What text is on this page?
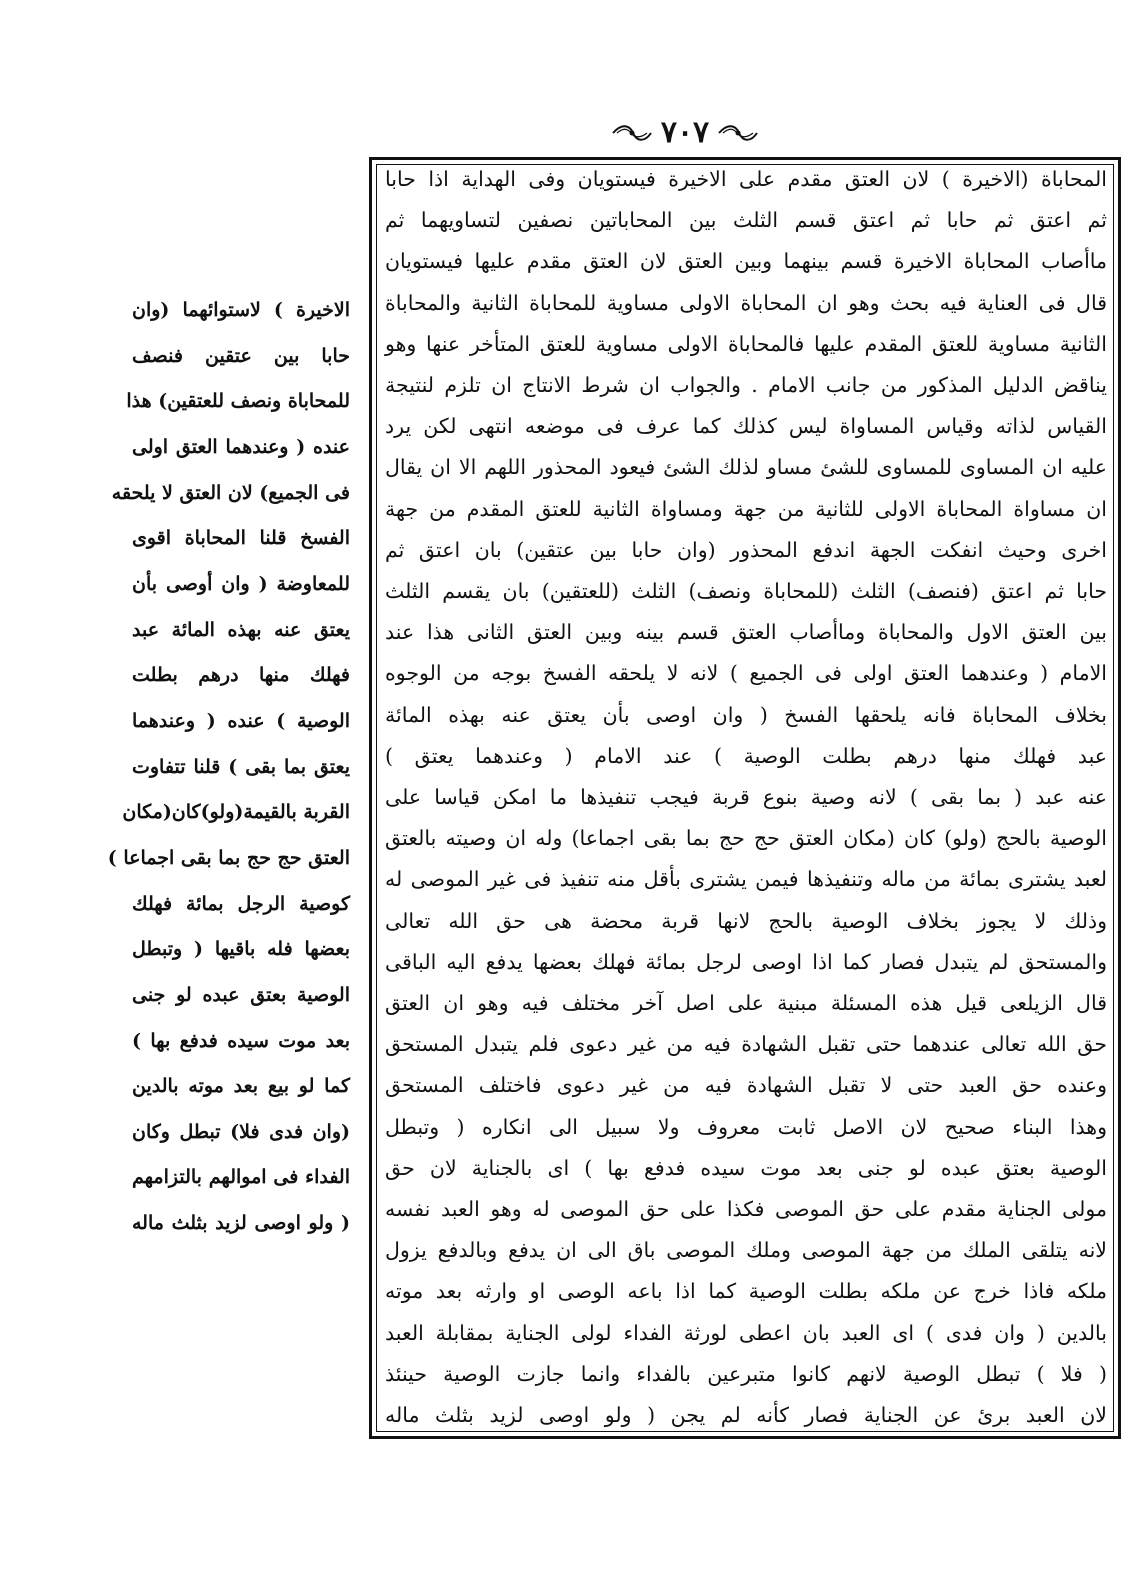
٧٠٧
المحاباة (الاخيرة ) لان العتق مقدم على الاخيرة فيستويان وفى الهداية اذا حابا
ثم اعتق ثم حابا ثم اعتق قسم الثلث بين المحاباتين نصفين لتساويهما ثم
ماأصاب المحاباة الاخيرة قسم بينهما وبين العتق لان العتق مقدم عليها فيستويان
قال فى العناية فيه بحث وهو ان المحاباة الاولى مساوية للمحاباة الثانية والمحاباة
الثانية مساوية للعتق المقدم عليها فالمحاباة الاولى مساوية للعتق المتأخر عنها وهو
يناقض الدليل المذكور من جانب الامام . والجواب ان شرط الانتاج ان تلزم لنتيجة
القياس لذاته وقياس المساواة ليس كذلك كما عرف فى موضعه انتهى لكن يرد
عليه ان المساوى للمساوى للشئ مساو لذلك الشئ فيعود المحذور اللهم الا ان يقال
ان مساواة المحاباة الاولى للثانية من جهة ومساواة الثانية للعتق المقدم من جهة
اخرى وحيث انفكت الجهة اندفع المحذور (وان حابا بين عتقين) بان اعتق ثم
حابا ثم اعتق (فنصف) الثلث (للمحاباة ونصف) الثلث (للعتقين) بان يقسم الثلث
بين العتق الاول والمحاباة وماأصاب العتق قسم بينه وبين العتق الثانى هذا عند
الامام ( وعندهما العتق اولى فى الجميع ) لانه لا يلحقه الفسخ بوجه من الوجوه
بخلاف المحاباة فانه يلحقها الفسخ ( وان اوصى بأن يعتق عنه بهذه المائة
عبد فهلك منها درهم بطلت الوصية ) عند الامام ( وعندهما يعتق )
عنه عبد ( بما بقى ) لانه وصية بنوع قربة فيجب تنفيذها ما امكن قياسا على
الوصية بالحج (ولو) كان (مكان العتق حج حج بما بقى اجماعا) وله ان وصيته بالعتق
لعبد يشترى بمائة من ماله وتنفيذها فيمن يشترى بأقل منه تنفيذ فى غير الموصى له
وذلك لا يجوز بخلاف الوصية بالحج لانها قربة محضة هى حق الله تعالى
والمستحق لم يتبدل فصار كما اذا اوصى لرجل بمائة فهلك بعضها يدفع اليه الباقى
قال الزيلعى قيل هذه المسئلة مبنية على اصل آخر مختلف فيه وهو ان العتق
حق الله تعالى عندهما حتى تقبل الشهادة فيه من غير دعوى فلم يتبدل المستحق
وعنده حق العبد حتى لا تقبل الشهادة فيه من غير دعوى فاختلف المستحق
وهذا البناء صحيح لان الاصل ثابت معروف ولا سبيل الى انكاره ( وتبطل
الوصية بعتق عبده لو جنى بعد موت سيده فدفع بها ) اى بالجناية لان حق
مولى الجناية مقدم على حق الموصى فكذا على حق الموصى له وهو العبد نفسه
لانه يتلقى الملك من جهة الموصى وملك الموصى باق الى ان يدفع وبالدفع يزول
ملكه فاذا خرج عن ملكه بطلت الوصية كما اذا باعه الوصى او وارثه بعد موته
بالدين ( وان فدى ) اى العبد بان اعطى لورثة الفداء لولى الجناية بمقابلة العبد
( فلا ) تبطل الوصية لانهم كانوا متبرعين بالفداء وانما جازت الوصية حينئذ
لان العبد برئ عن الجناية فصار كأنه لم يجن ( ولو اوصى لزيد بثلث ماله
الاخيرة ) لاستوائهما (وان
حابا بين عتقين فنصف
للمحاباة ونصف للعتقين) هذا
عنده ( وعندهما العتق اولى
فى الجميع) لان العتق لا يلحقه
الفسخ قلنا المحاباة اقوى
للمعاوضة ( وان أوصى بأن
يعتق عنه بهذه المائة عبد
فهلك منها درهم بطلت
الوصية ) عنده ( وعندهما
يعتق بما بقى ) قلنا تتفاوت
القربة بالقيمة(ولو)كان(مكان
العتق حج حج بما بقى اجماعا )
كوصية الرجل بمائة فهلك
بعضها فله باقيها ( وتبطل
الوصية بعتق عبده لو جنى
بعد موت سيده فدفع بها )
كما لو بيع بعد موته بالدين
(وان فدى فلا) تبطل وكان
الفداء فى اموالهم بالتزامهم
( ولو اوصى لزيد بثلث ماله
